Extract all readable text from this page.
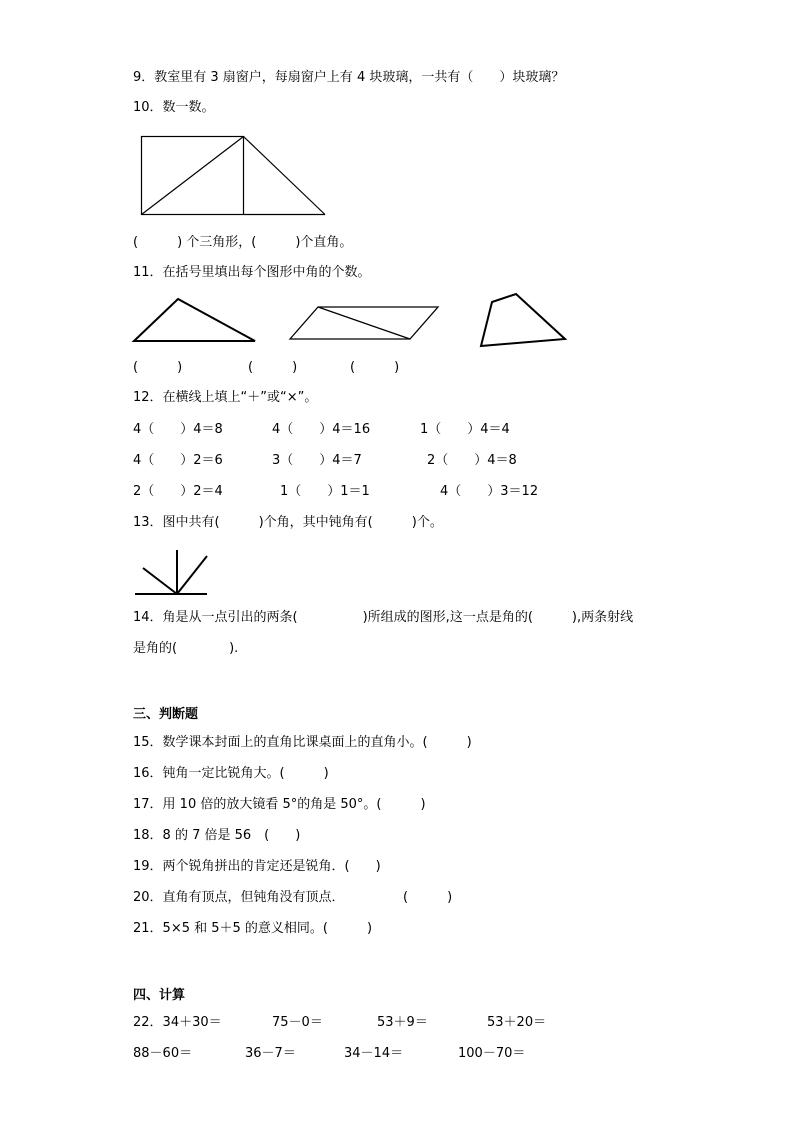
9．教室里有 3 扇窗户，每扇窗户上有 4 块玻璃，一共有（　　）块玻璃？
10．数一数。
(　　　) 个三角形，(　　　)个直角。
11．在括号里填出每个图形中角的个数。
(　　　)	(　　　)	(　　　)
12．在横线上填上“＋”或“×”。
4（　　）4＝8	4（　　）4＝16	1（　　）4＝4
4（　　）2＝6	3（　　）4＝7	2（　　）4＝8
2（　　）2＝4	1（　　）1＝1	4（　　）3＝12
13．图中共有(　　　)个角，其中钝角有(　　　)个。
14．角是从一点引出的两条(　　　　　)所组成的图形,这一点是角的(　　　),两条射线
是角的(　　　　).
三、判断题
15．数学课本封面上的直角比课桌面上的直角小。(　　　)
16．钝角一定比锐角大。(　　　)
17．用 10 倍的放大镜看 5°的角是 50°。(　　　)
18．8 的 7 倍是 56　(　　)
19．两个锐角拼出的肯定还是锐角．(　　)
20．直角有顶点，但钝角没有顶点．　　　　　(　　　)
21．5×5 和 5＋5 的意义相同。(　　　)
四、计算
22．34＋30＝	75－0＝	53＋9＝	53＋20＝
88－60＝	36－7＝	34－14＝	100－70＝
